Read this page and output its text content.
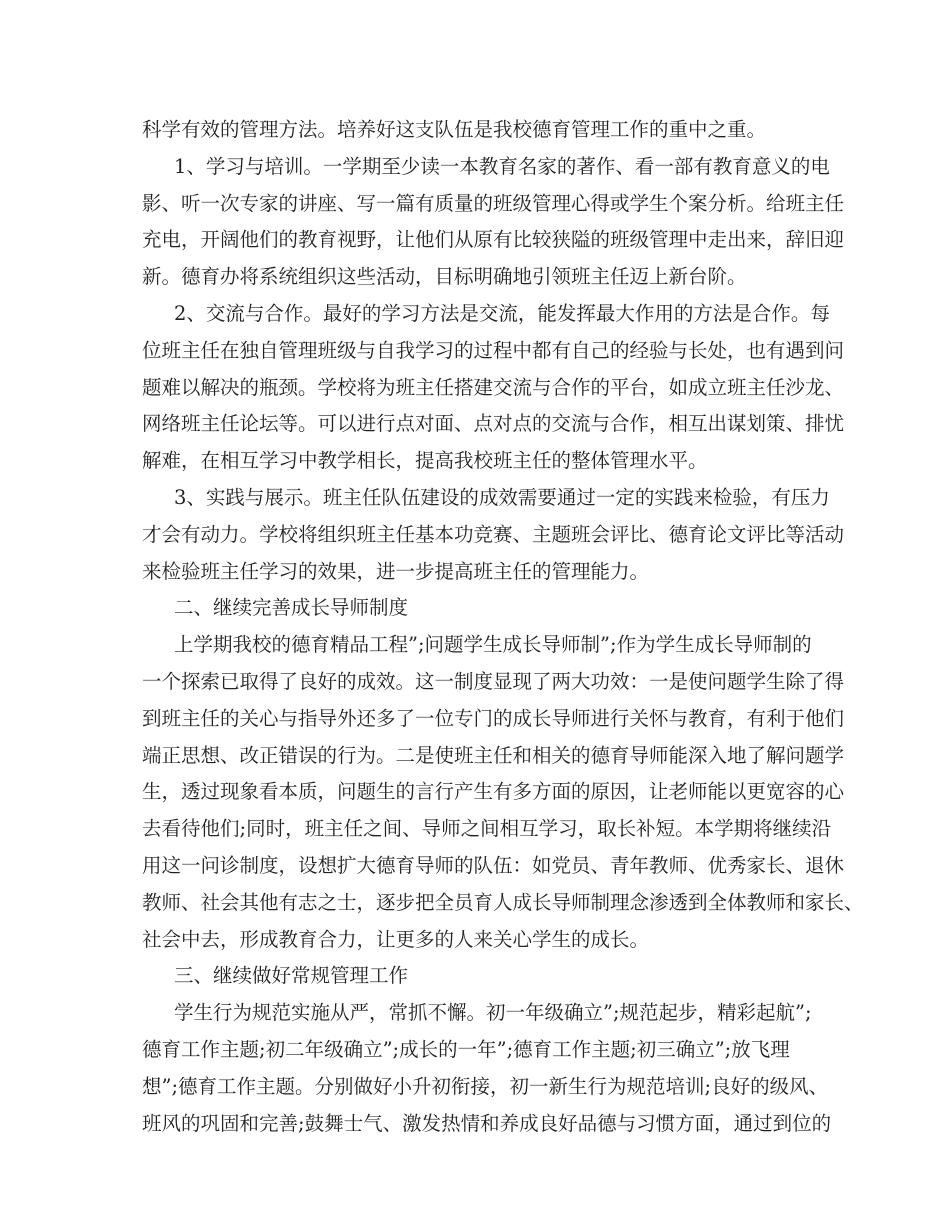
科学有效的管理方法。培养好这支队伍是我校德育管理工作的重中之重。
1、学习与培训。一学期至少读一本教育名家的著作、看一部有教育意义的电
影、听一次专家的讲座、写一篇有质量的班级管理心得或学生个案分析。给班主任
充电，开阔他们的教育视野，让他们从原有比较狭隘的班级管理中走出来，辞旧迎
新。德育办将系统组织这些活动，目标明确地引领班主任迈上新台阶。
2、交流与合作。最好的学习方法是交流，能发挥最大作用的方法是合作。每
位班主任在独自管理班级与自我学习的过程中都有自己的经验与长处，也有遇到问
题难以解决的瓶颈。学校将为班主任搭建交流与合作的平台，如成立班主任沙龙、
网络班主任论坛等。可以进行点对面、点对点的交流与合作，相互出谋划策、排忧
解难，在相互学习中教学相长，提高我校班主任的整体管理水平。
3、实践与展示。班主任队伍建设的成效需要通过一定的实践来检验，有压力
才会有动力。学校将组织班主任基本功竞赛、主题班会评比、德育论文评比等活动
来检验班主任学习的效果，进一步提高班主任的管理能力。
二、继续完善成长导师制度
上学期我校的德育精品工程”;问题学生成长导师制”;作为学生成长导师制的
一个探索已取得了良好的成效。这一制度显现了两大功效：一是使问题学生除了得
到班主任的关心与指导外还多了一位专门的成长导师进行关怀与教育，有利于他们
端正思想、改正错误的行为。二是使班主任和相关的德育导师能深入地了解问题学
生，透过现象看本质，问题生的言行产生有多方面的原因，让老师能以更宽容的心
去看待他们;同时，班主任之间、导师之间相互学习，取长补短。本学期将继续沿
用这一问诊制度，设想扩大德育导师的队伍：如党员、青年教师、优秀家长、退休
教师、社会其他有志之士，逐步把全员育人成长导师制理念渗透到全体教师和家长、
社会中去，形成教育合力，让更多的人来关心学生的成长。
三、继续做好常规管理工作
学生行为规范实施从严，常抓不懈。初一年级确立”;规范起步，精彩起航”;
德育工作主题;初二年级确立”;成长的一年”;德育工作主题;初三确立”;放飞理
想”;德育工作主题。分别做好小升初衔接，初一新生行为规范培训;良好的级风、
班风的巩固和完善;鼓舞士气、激发热情和养成良好品德与习惯方面，通过到位的
